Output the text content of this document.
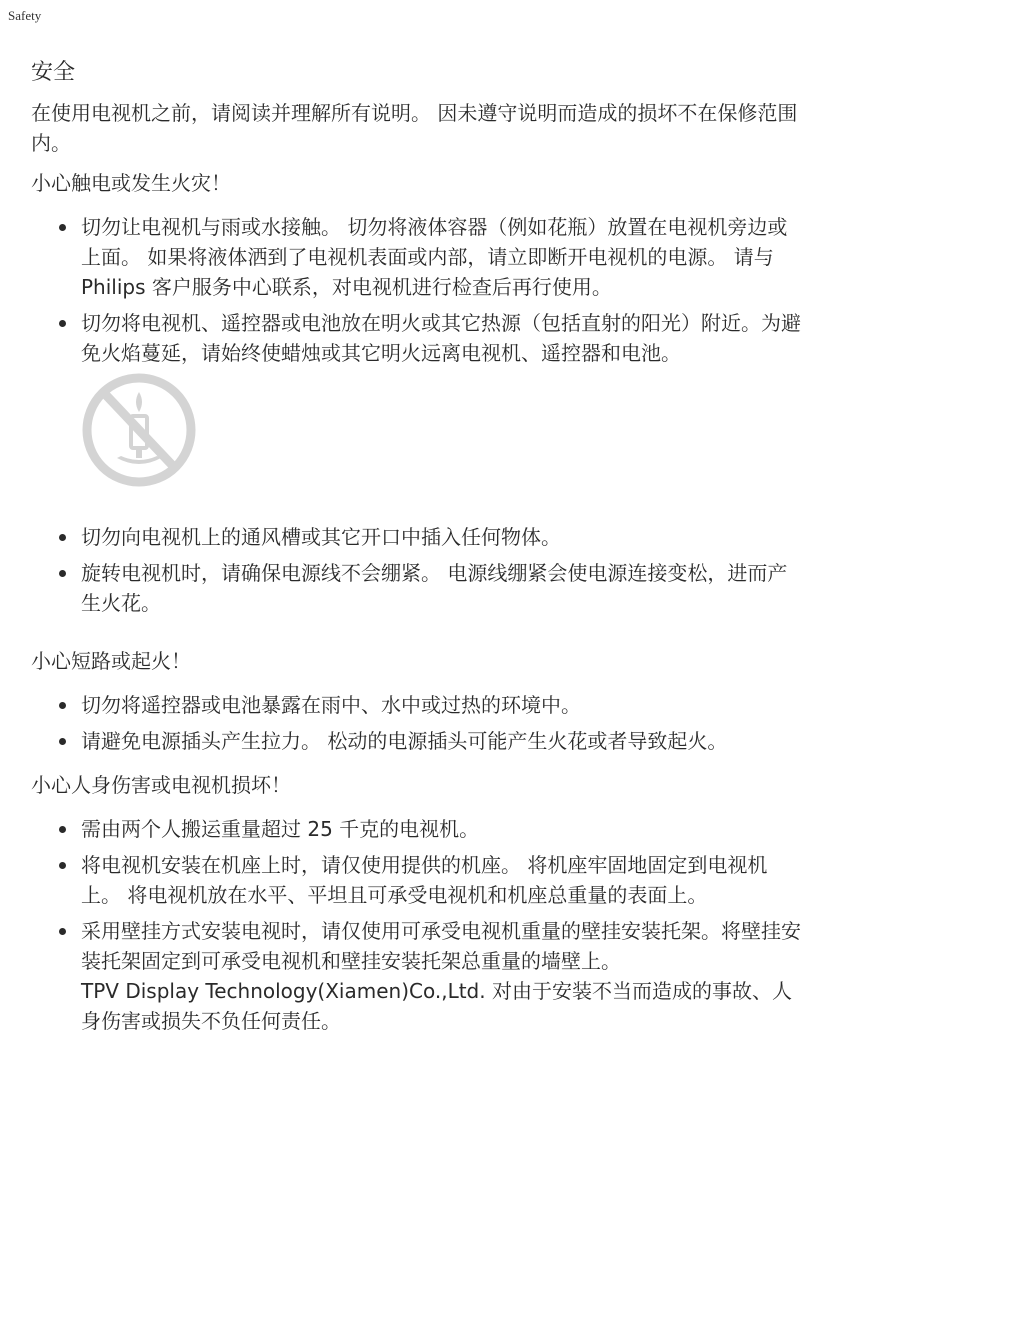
Safety
安全

在使用电视机之前，请阅读并理解所有说明。 因未遵守说明而造成的损坏不在保修范围内。

小心触电或发生火灾！
切勿让电视机与雨或水接触。 切勿将液体容器（例如花瓶）放置在电视机旁边或上面。 如果将液体洒到了电视机表面或内部，请立即断开电视机的电源。 请与Philips 客户服务中心联系，对电视机进行检查后再行使用。
切勿将电视机、遥控器或电池放在明火或其它热源（包括直射的阳光）附近。为避免火焰蔓延，请始终使蜡烛或其它明火远离电视机、遥控器和电池。
切勿向电视机上的通风槽或其它开口中插入任何物体。
旋转电视机时，请确保电源线不会绷紧。 电源线绷紧会使电源连接变松，进而产生火花。
小心短路或起火！
切勿将遥控器或电池暴露在雨中、水中或过热的环境中。
请避免电源插头产生拉力。 松动的电源插头可能产生火花或者导致起火。
小心人身伤害或电视机损坏！
需由两个人搬运重量超过 25 千克的电视机。
将电视机安装在机座上时，请仅使用提供的机座。 将机座牢固地固定到电视机上。 将电视机放在水平、平坦且可承受电视机和机座总重量的表面上。
采用壁挂方式安装电视时，请仅使用可承受电视机重量的壁挂安装托架。将壁挂安装托架固定到可承受电视机和壁挂安装托架总重量的墙壁上。
TPV Display Technology(Xiamen)Co.,Ltd. 对由于安装不当而造成的事故、人身伤害或损失不负任何责任。
